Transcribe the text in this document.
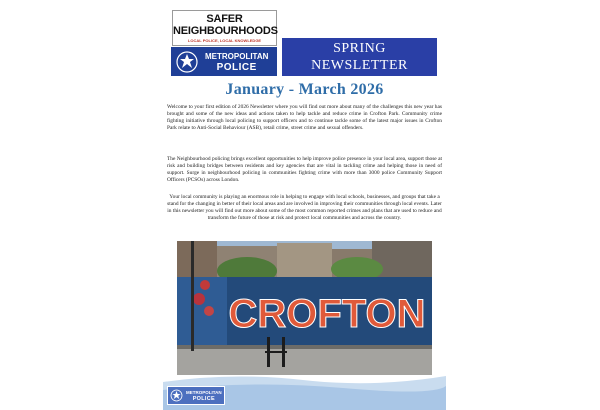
SAFER
NEIGHBOURHOODS
LOCAL POLICE, LOCAL KNOWLEDGE
METROPOLITAN
POLICE
SPRING
NEWSLETTER
January - March 2026

Welcome to your first edition of 2026 Newsletter where you will find out more about many of the challenges this new year has brought and some of the new ideas and actions taken to help tackle and reduce crime in Crofton Park. Community crime fighting initiative through local policing to support officers and to continue tackle some of the latest major issues in Crofton Park relate to Anti-Social Behaviour (ASB), retail crime, street crime and sexual offenders.

The Neighbourhood policing brings excellent opportunities to help improve police presence in your local area, support those at risk and building bridges between residents and key agencies that are vital in tackling crime and helping those in need of support. Surge in neighbourhood policing in communities fighting crime with more than 3000 police Community Support Officers (PCSOs) across London.

Your local community is playing an enormous role in helping to engage with local schools, businesses, and groups that take a stand for the changing in better of their local areas and are involved in improving their communities through local events. Later in this newsletter you will find out more about some of the most common reported crimes and plans that are used to reduce and transform the future of those at risk and protect local communities and across the country.

CROFTON
METROPOLITAN
POLICE
